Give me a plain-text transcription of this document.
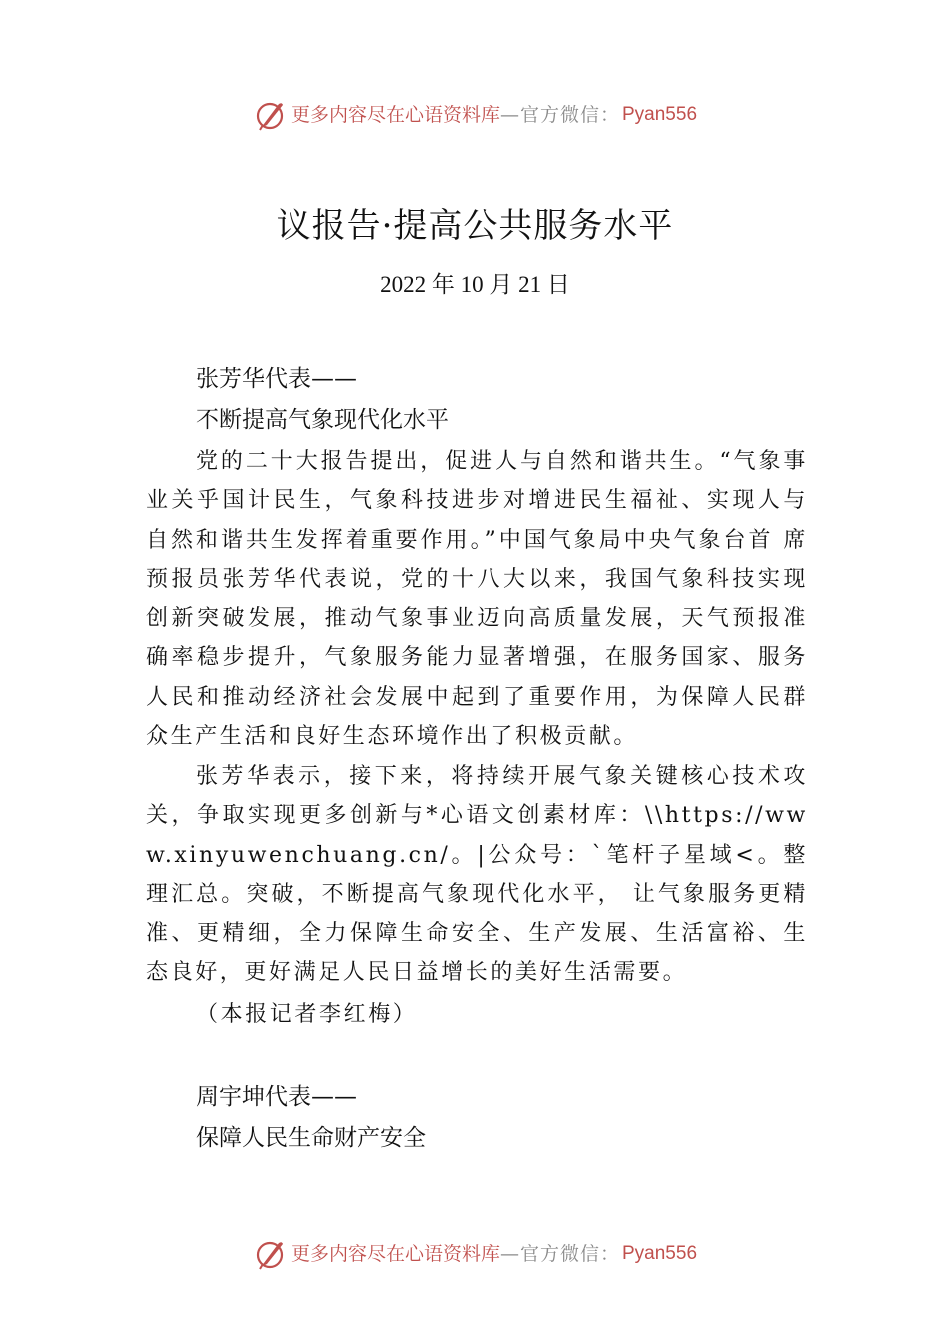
更多内容尽在心语资料库 — 官方微信： Pyan556
议报告·提高公共服务水平
2022 年 10 月 21 日
张芳华代表——
不断提高气象现代化水平

党的二十大报告提出，促进人与自然和谐共生。“气象事业关乎国计民生，气象科技进步对增进民生福祉、实现人与自然和谐共生发挥着重要作用。”中国气象局中央气象台首 席预报员张芳华代表说，党的十八大以来，我国气象科技实现创新突破发展，推动气象事业迈向高质量发展，天气预报准确率稳步提升，气象服务能力显著增强，在服务国家、服务人民和推动经济社会发展中起到了重要作用，为保障人民群众生产生活和良好生态环境作出了积极贡献。

张芳华表示，接下来，将持续开展气象关键核心技术攻关，争取实现更多创新与*心语文创素材库：\\https://www.xinyuwenchuang.cn/。|公众号：`笔杆子星域<。整理汇总。突破，不断提高气象现代化水平， 让气象服务更精准、更精细，全力保障生命安全、生产发展、生活富裕、生态良好，更好满足人民日益增长的美好生活需要。

（本报记者李红梅）
周宇坤代表——
保障人民生命财产安全
更多内容尽在心语资料库 — 官方微信： Pyan556
